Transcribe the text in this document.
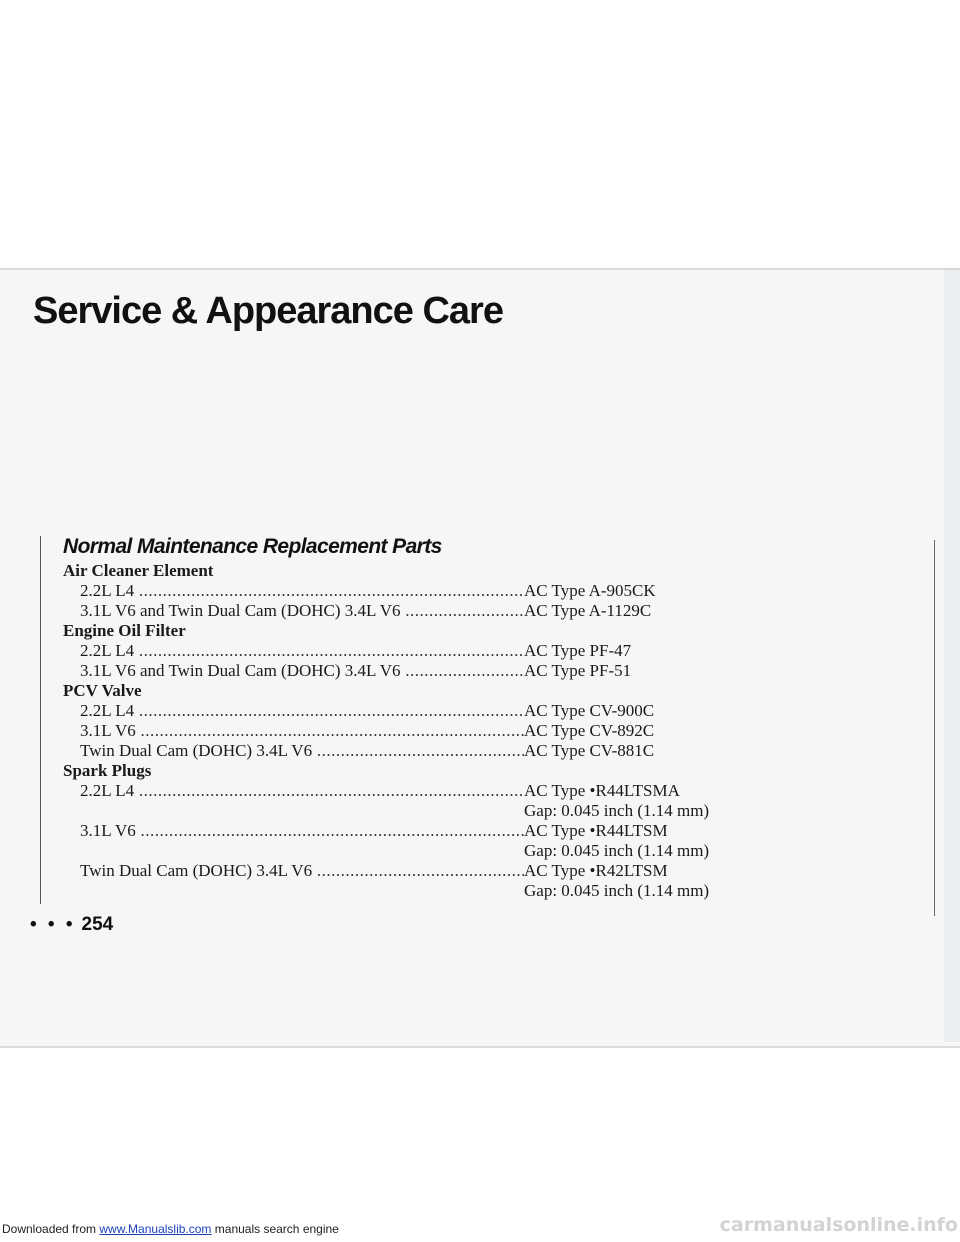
Service & Appearance Care
Normal Maintenance Replacement Parts
Air Cleaner Element
2.2L L4 .....	AC Type A-905CK
3.1L V6 and Twin Dual Cam (DOHC) 3.4L V6 .....	AC Type A-1129C
Engine Oil Filter
2.2L L4 .....	AC Type PF-47
3.1L V6 and Twin Dual Cam (DOHC) 3.4L V6 .....	AC Type PF-51
PCV Valve
2.2L L4 .....	AC Type CV-900C
3.1L V6 .....	AC Type CV-892C
Twin Dual Cam (DOHC) 3.4L V6 .....	AC Type CV-881C
Spark Plugs
2.2L L4 .....	AC Type •R44LTSMA
Gap: 0.045 inch (1.14 mm)
3.1L V6 .....	AC Type •R44LTSM
Gap: 0.045 inch (1.14 mm)
Twin Dual Cam (DOHC) 3.4L V6 .....	AC Type •R42LTSM
Gap: 0.045 inch (1.14 mm)
• • • 254
Downloaded from www.Manualslib.com manuals search engine	carmanualsonline.info
